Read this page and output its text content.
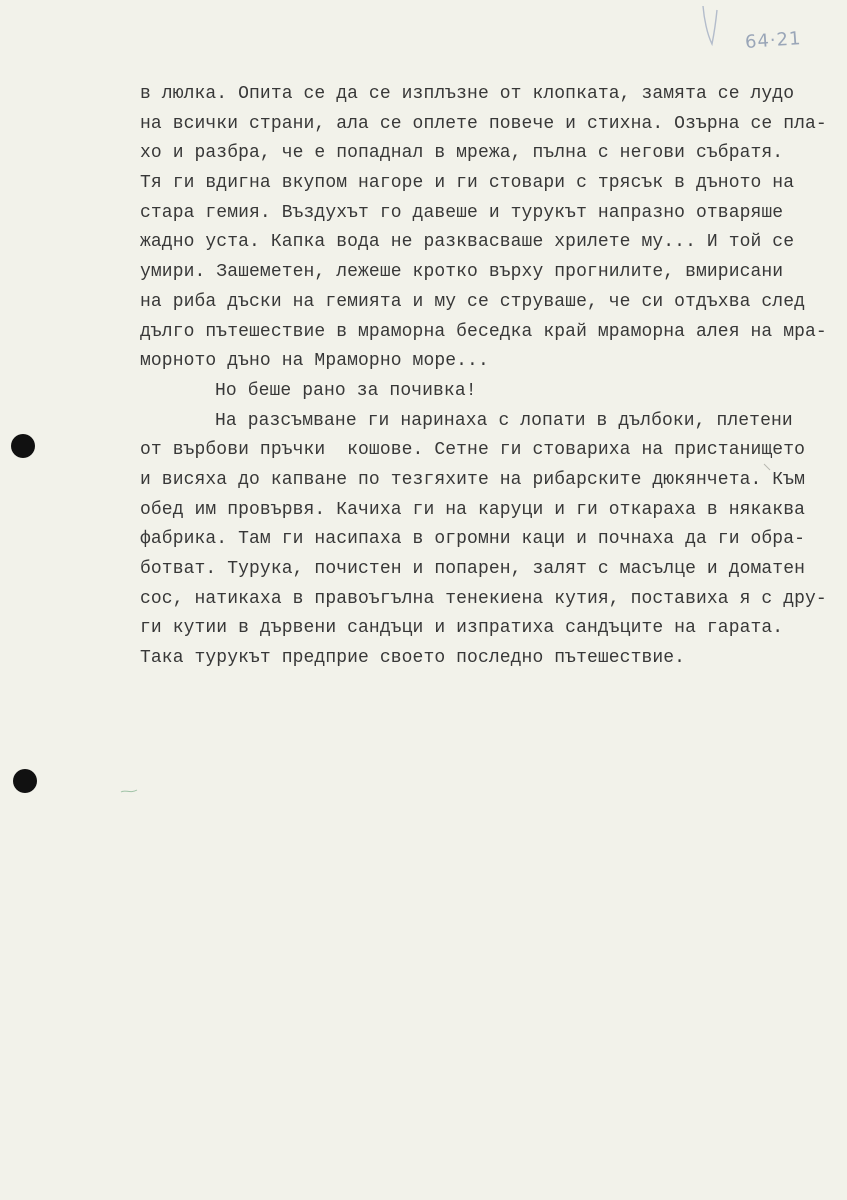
64·21
в люлка. Опита се да се изплъзне от клопката, замята се лудо
на всички страни, ала се оплете повече и стихна. Озърна се пла-
хо и разбра, че е попаднал в мрежа, пълна с негови събратя.
Тя ги вдигна вкупом нагоре и ги стовари с трясък в дъното на
стара гемия. Въздухът го давеше и турукът напразно отваряше
жадно уста. Капка вода не разквасваше хрилете му... И той се
умири. Зашеметен, лежеше кротко върху прогнилите, вмирисани
на риба дъски на гемията и му се струваше, че си отдъхва след
дълго пътешествие в мраморна беседка край мраморна алея на мра-
морното дъно на Мраморно море...
Но беше рано за почивка!
На разсъмване ги наринаха с лопати в дълбоки, плетени
от върбови пръчки  кошове. Сетне ги стовариха на пристанището
и висяха до капване по тезгяхите на рибарските дюкянчета. Към
обед им провървя. Качиха ги на каруци и ги откараха в някаква
фабрика. Там ги насипаха в огромни каци и почнаха да ги обра-
ботват. Турука, почистен и попарен, залят с масълце и доматен
сос, натикаха в правоъгълна тенекиена кутия, поставиха я с дру-
ги кутии в дървени сандъци и изпратиха сандъците на гарата.
Така турукът предприе своето последно пътешествие.
